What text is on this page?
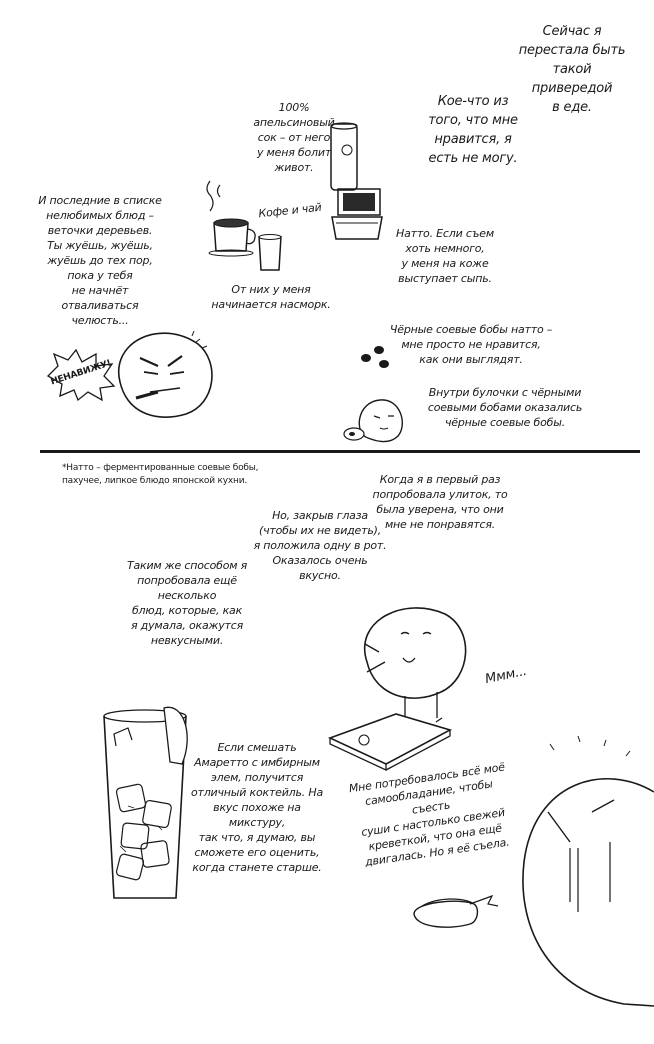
Сейчас я
перестала быть
такой привередой
в еде.
Кое-что из
того, что мне
нравится, я
есть не могу.
100%
апельсиновый
сок – от него
у меня болит
живот.
Кофе и чай
От них у меня
начинается насморк.
Натто. Если съем
хоть немного,
у меня на коже
выступает сыпь.
И последние в списке
нелюбимых блюд –
веточки деревьев.
Ты жуёшь, жуёшь,
жуёшь до тех пор,
пока у тебя
не начнёт
отваливаться
челюсть...
Чёрные соевые бобы натто –
мне просто не нравится,
как они выглядят.
Внутри булочки с чёрными
соевыми бобами оказались
чёрные соевые бобы.
НЕНАВИЖУ!
*Натто – ферментированные соевые бобы,
пахучее, липкое блюдо японской кухни.	Когда я в первый раз
попробовала улиток, то
была уверена, что они
мне не понравятся.
Но, закрыв глаза
(чтобы их не видеть),
я положила одну в рот.
Оказалось очень вкусно.
Таким же способом я
попробовала ещё несколько
блюд, которые, как
я думала, окажутся
невкусными.
Ммм...
Если смешать
Амаретто с имбирным
элем, получится
отличный коктейль. На
вкус похоже на микстуру,
так что, я думаю, вы
сможете его оценить,
когда станете старше.
Мне потребовалось всё моё
самообладание, чтобы съесть
суши с настолько свежей
креветкой, что она ещё
двигалась. Но я её съела.
